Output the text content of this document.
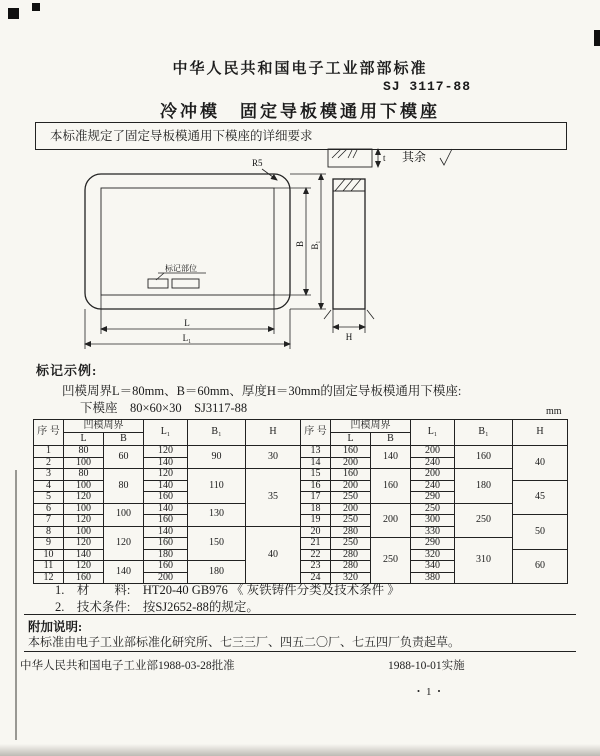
中华人民共和国电子工业部部标准
SJ 3117-88
冷冲模　固定导板模通用下模座
本标准规定了固定导板模通用下模座的详细要求
标记部位
R5
L
L₁
B B₁
H
t 其余
标记示例:
凹模周界L＝80mm、B＝60mm、厚度H＝30mm的固定导板模通用下模座:
下模座　80×60×30　SJ3117-88	mm
序 号	凹模周界		L₁	B₁	H	序 号	凹模周界		L₁	B₁	H
	L	B					L	B			
1	80	60	120	90	30	13	160	140	200	160	40
2	100		140			14	200		240		
3	80	80	120	110	35	15	160	160	200	180	
4	100		140			16	200		240		45
5	120		160			17	250		290		
6	100	100	140	130		18	200	200	250	250	
7	120		160			19	250		300		50
8	100	120	140	150	40	20	280		330		
9	120		160			21	250	250	290	310	
10	140		180			22	280		320		60
11	120	140	160	180		23	280		340		
12	160		200			24	320		380		
1.　材　　料:　HT20-40 GB976 《 灰铁铸件分类及技术条件 》
2.　技术条件:　按SJ2652-88的规定。
附加说明:
本标准由电子工业部标准化研究所、七三三厂、四五二〇厂、七五四厂负责起草。
中华人民共和国电子工业部1988-03-28批准	1988-10-01实施
・1・
